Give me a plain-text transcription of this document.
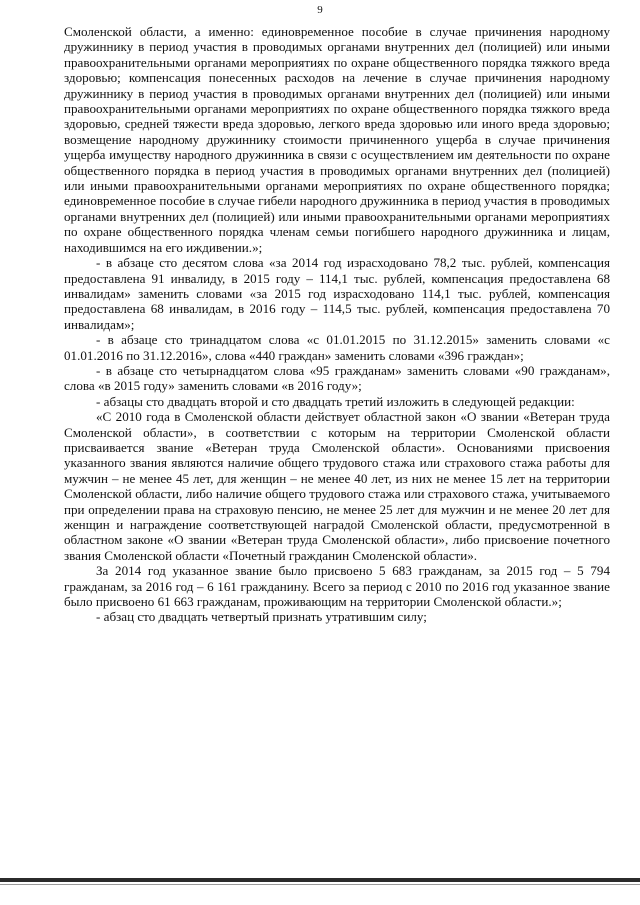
9

Смоленской области, а именно: единовременное пособие в случае причинения народному дружиннику в период участия в проводимых органами внутренних дел (полицией) или иными правоохранительными органами мероприятиях по охране общественного порядка тяжкого вреда здоровью; компенсация понесенных расходов на лечение в случае причинения народному дружиннику в период участия в проводимых органами внутренних дел (полицией) или иными правоохранительными органами мероприятиях по охране общественного порядка тяжкого вреда здоровью, средней тяжести вреда здоровью, легкого вреда здоровью или иного вреда здоровью; возмещение народному дружиннику стоимости причиненного ущерба в случае причинения ущерба имуществу народного дружинника в связи с осуществлением им деятельности по охране общественного порядка в период участия в проводимых органами внутренних дел (полицией) или иными правоохранительными органами мероприятиях по охране общественного порядка; единовременное пособие в случае гибели народного дружинника в период участия в проводимых органами внутренних дел (полицией) или иными правоохранительными органами мероприятиях по охране общественного порядка членам семьи погибшего народного дружинника и лицам, находившимся на его иждивении.»;

- в абзаце сто десятом слова «за 2014 год израсходовано 78,2 тыс. рублей, компенсация предоставлена 91 инвалиду, в 2015 году – 114,1 тыс. рублей, компенсация предоставлена 68 инвалидам» заменить словами «за 2015 год израсходовано 114,1 тыс. рублей, компенсация предоставлена 68 инвалидам, в 2016 году – 114,5 тыс. рублей, компенсация предоставлена 70 инвалидам»;

- в абзаце сто тринадцатом слова «с 01.01.2015 по 31.12.2015» заменить словами «с 01.01.2016 по 31.12.2016», слова «440 граждан» заменить словами «396 граждан»;

- в абзаце сто четырнадцатом слова «95 гражданам» заменить словами «90 гражданам», слова «в 2015 году» заменить словами «в 2016 году»;

- абзацы сто двадцать второй и сто двадцать третий изложить в следующей редакции:

«С 2010 года в Смоленской области действует областной закон «О звании «Ветеран труда Смоленской области», в соответствии с которым на территории Смоленской области присваивается звание «Ветеран труда Смоленской области». Основаниями присвоения указанного звания являются наличие общего трудового стажа или страхового стажа работы для мужчин – не менее 45 лет, для женщин – не менее 40 лет, из них не менее 15 лет на территории Смоленской области, либо наличие общего трудового стажа или страхового стажа, учитываемого при определении права на страховую пенсию, не менее 25 лет для мужчин и не менее 20 лет для женщин и награждение соответствующей наградой Смоленской области, предусмотренной в областном законе «О звании «Ветеран труда Смоленской области», либо присвоение почетного звания Смоленской области «Почетный гражданин Смоленской области».

За 2014 год указанное звание было присвоено 5 683 гражданам, за 2015 год – 5 794 гражданам, за 2016 год – 6 161 гражданину. Всего за период с 2010 по 2016 год указанное звание было присвоено 61 663 гражданам, проживающим на территории Смоленской области.»;

- абзац сто двадцать четвертый признать утратившим силу;
